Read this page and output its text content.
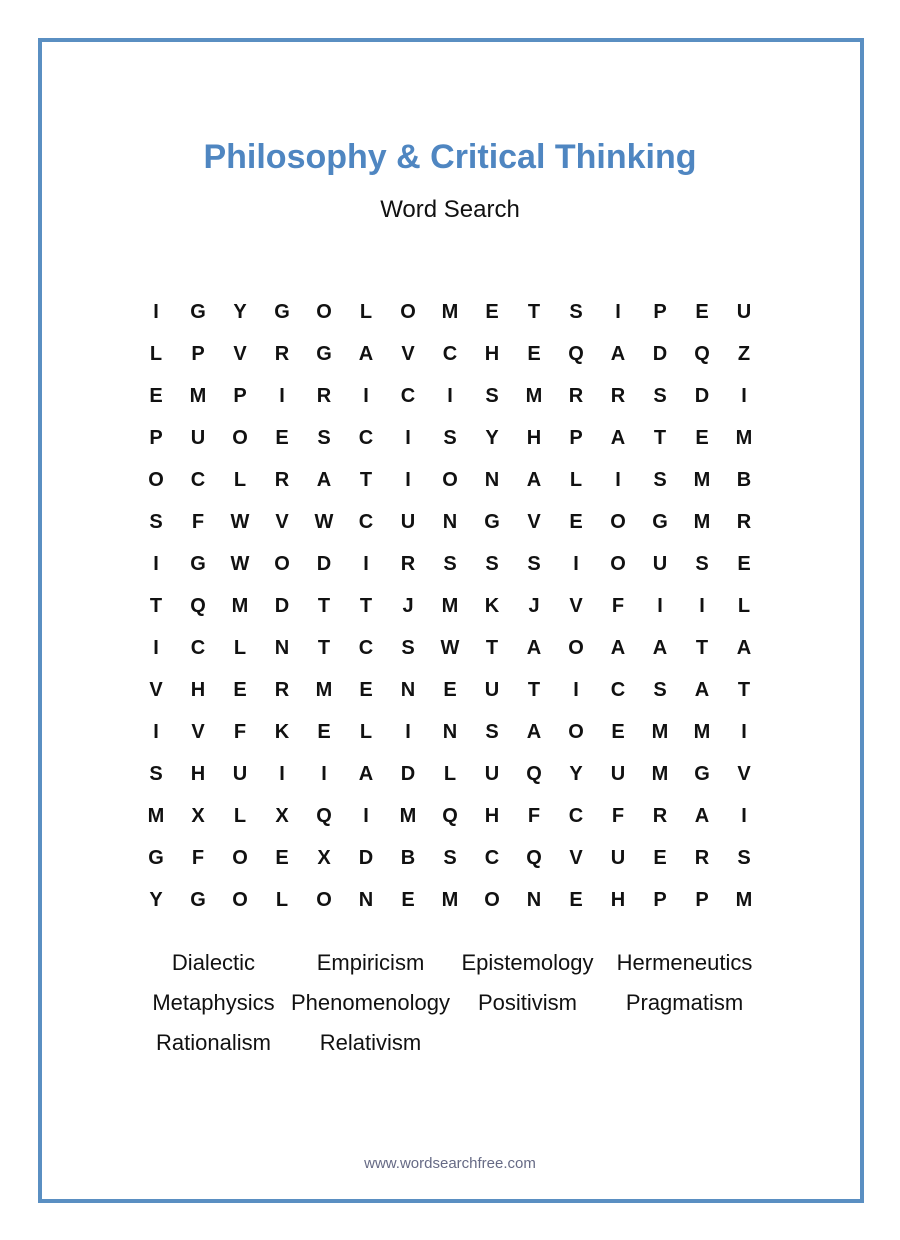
Philosophy & Critical Thinking
Word Search
I	G	Y	G	O	L	O	M	E	T	S	I	P	E	U
L	P	V	R	G	A	V	C	H	E	Q	A	D	Q	Z
E	M	P	I	R	I	C	I	S	M	R	R	S	D	I
P	U	O	E	S	C	I	S	Y	H	P	A	T	E	M
O	C	L	R	A	T	I	O	N	A	L	I	S	M	B
S	F	W	V	W	C	U	N	G	V	E	O	G	M	R
I	G	W	O	D	I	R	S	S	S	I	O	U	S	E
T	Q	M	D	T	T	J	M	K	J	V	F	I	I	L
I	C	L	N	T	C	S	W	T	A	O	A	A	T	A
V	H	E	R	M	E	N	E	U	T	I	C	S	A	T
I	V	F	K	E	L	I	N	S	A	O	E	M	M	I
S	H	U	I	I	A	D	L	U	Q	Y	U	M	G	V
M	X	L	X	Q	I	M	Q	H	F	C	F	R	A	I
G	F	O	E	X	D	B	S	C	Q	V	U	E	R	S
Y	G	O	L	O	N	E	M	O	N	E	H	P	P	M
Dialectic	Empiricism	Epistemology	Hermeneutics
Metaphysics Phenomenology	Positivism	Pragmatism
Rationalism	Relativism
www.wordsearchfree.com
